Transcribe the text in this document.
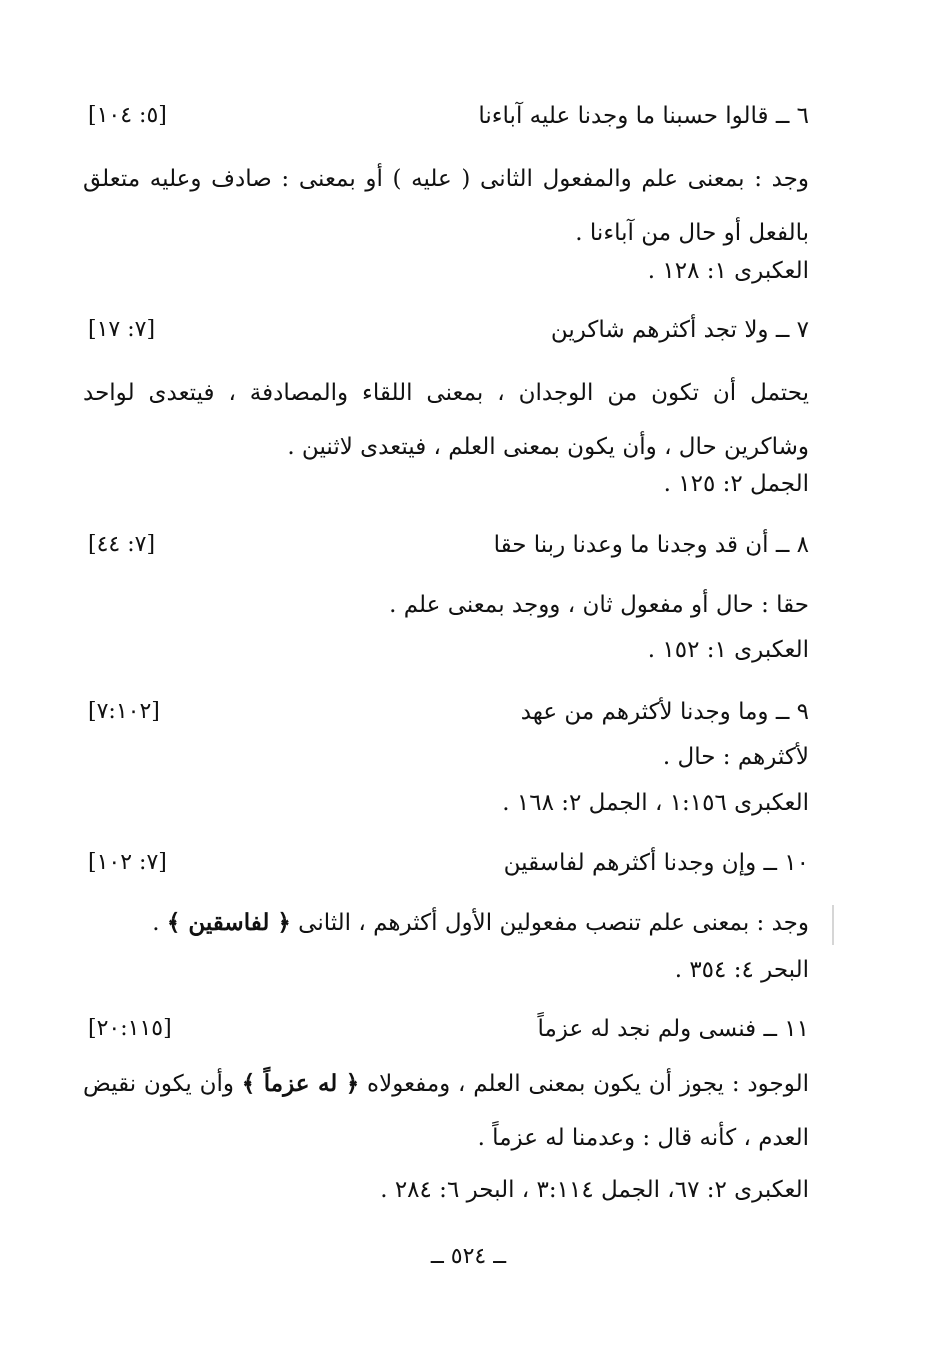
٦ ــ قالوا حسبنا ما وجدنا عليه آباءنا
[٥: ١٠٤]
وجد : بمعنى علم والمفعول الثانى ( عليه ) أو بمعنى : صادف وعليه متعلق بالفعل أو حال من آباءنا .
العكبرى ١: ١٢٨ .
٧ ــ ولا تجد أكثرهم شاكرين
[٧: ١٧]
يحتمل أن تكون من الوجدان ، بمعنى اللقاء والمصادفة ، فيتعدى لواحد وشاكرين حال ، وأن يكون بمعنى العلم ، فيتعدى لاثنين .
الجمل ٢: ١٢٥ .
٨ ــ أن قد وجدنا ما وعدنا ربنا حقا
[٧: ٤٤]
حقا : حال أو مفعول ثان ، ووجد بمعنى علم .
العكبرى ١: ١٥٢ .
٩ ــ وما وجدنا لأكثرهم من عهد
[٧:١٠٢]
لأكثرهم : حال .
العكبرى ١:١٥٦ ، الجمل ٢: ١٦٨ .
١٠ ــ وإن وجدنا أكثرهم لفاسقين
[٧: ١٠٢]
وجد : بمعنى علم تنصب مفعولين الأول أكثرهم ، الثانى ﴿ لفاسقين ﴾ .
البحر ٤: ٣٥٤ .
١١ ــ فنسى ولم نجد له عزماً
[٢٠:١١٥]
الوجود : يجوز أن يكون بمعنى العلم ، ومفعولاه ﴿ له عزماً ﴾ وأن يكون نقيض العدم ، كأنه قال : وعدمنا له عزماً .
العكبرى ٢: ٦٧، الجمل ٣:١١٤ ، البحر ٦: ٢٨٤ .
ــ ٥٢٤ ــ
